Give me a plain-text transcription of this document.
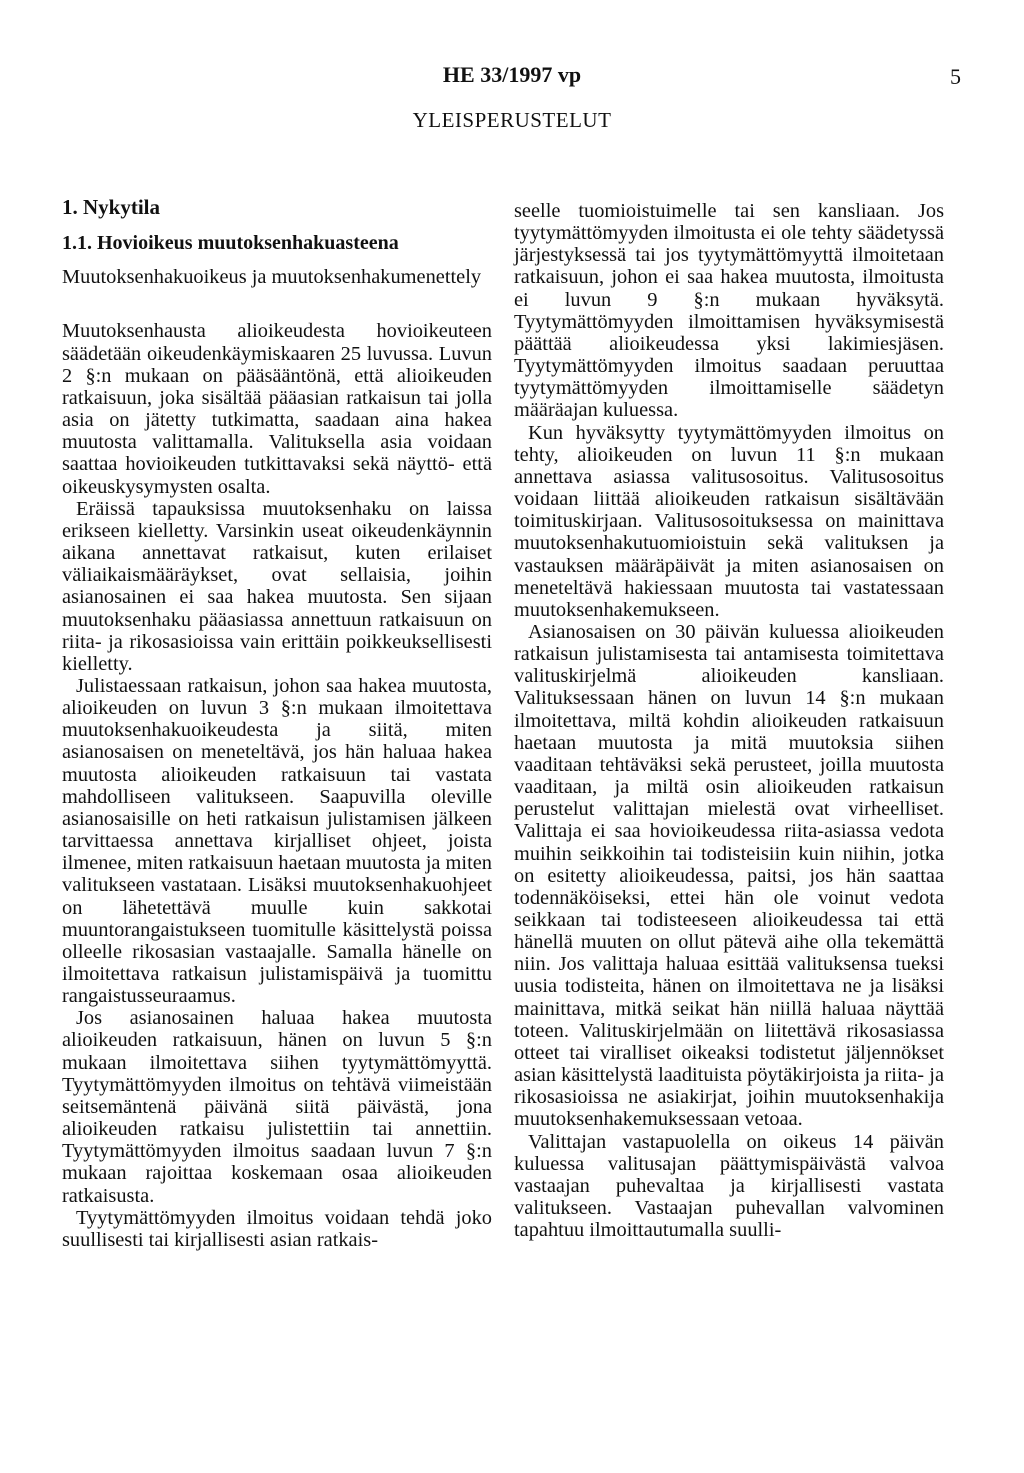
HE 33/1997 vp	5
YLEISPERUSTELUT
1. Nykytila
1.1. Hovioikeus muutoksenhakuasteena
Muutoksenhakuoikeus ja muutoksenhakumenettely

Muutoksenhausta alioikeudesta hovioikeuteen säädetään oikeudenkäymiskaaren 25 luvussa. Luvun 2 §:n mukaan on pääsääntönä, että alioikeuden ratkaisuun, joka sisältää pääasian ratkaisun tai jolla asia on jätetty tutkimatta, saadaan aina hakea muutosta valittamalla. Valituksella asia voidaan saattaa hovioikeuden tutkittavaksi sekä näyttö- että oikeuskysymysten osalta.

Eräissä tapauksissa muutoksenhaku on laissa erikseen kielletty. Varsinkin useat oikeudenkäynnin aikana annettavat ratkaisut, kuten erilaiset väliaikaismääräykset, ovat sellaisia, joihin asianosainen ei saa hakea muutosta. Sen sijaan muutoksenhaku pääasiassa annettuun ratkaisuun on riita- ja rikosasioissa vain erittäin poikkeuksellisesti kielletty.

Julistaessaan ratkaisun, johon saa hakea muutosta, alioikeuden on luvun 3 §:n mukaan ilmoitettava muutoksenhakuoikeudesta ja siitä, miten asianosaisen on meneteltävä, jos hän haluaa hakea muutosta alioikeuden ratkaisuun tai vastata mahdolliseen valitukseen. Saapuvilla oleville asianosaisille on heti ratkaisun julistamisen jälkeen tarvittaessa annettava kirjalliset ohjeet, joista ilmenee, miten ratkaisuun haetaan muutosta ja miten valitukseen vastataan. Lisäksi muutoksenhakuohjeet on lähetettävä muulle kuin sakkotai muuntorangaistukseen tuomitulle käsittelystä poissa olleelle rikosasian vastaajalle. Samalla hänelle on ilmoitettava ratkaisun julistamispäivä ja tuomittu rangaistusseuraamus.

Jos asianosainen haluaa hakea muutosta alioikeuden ratkaisuun, hänen on luvun 5 §:n mukaan ilmoitettava siihen tyytymättömyyttä. Tyytymättömyyden ilmoitus on tehtävä viimeistään seitsemäntenä päivänä siitä päivästä, jona alioikeuden ratkaisu julistettiin tai annettiin. Tyytymättömyyden ilmoitus saadaan luvun 7 §:n mukaan rajoittaa koskemaan osaa alioikeuden ratkaisusta.

Tyytymättömyyden ilmoitus voidaan tehdä joko suullisesti tai kirjallisesti asian ratkais-

seelle tuomioistuimelle tai sen kansliaan. Jos tyytymättömyyden ilmoitusta ei ole tehty säädetyssä järjestyksessä tai jos tyytymättömyyttä ilmoitetaan ratkaisuun, johon ei saa hakea muutosta, ilmoitusta ei luvun 9 §:n mukaan hyväksytä. Tyytymättömyyden ilmoittamisen hyväksymisestä päättää alioikeudessa yksi lakimiesjäsen. Tyytymättömyyden ilmoitus saadaan peruuttaa tyytymättömyyden ilmoittamiselle säädetyn määräajan kuluessa.

Kun hyväksytty tyytymättömyyden ilmoitus on tehty, alioikeuden on luvun 11 §:n mukaan annettava asiassa valitusosoitus. Valitusosoitus voidaan liittää alioikeuden ratkaisun sisältävään toimituskirjaan. Valitusosoituksessa on mainittava muutoksenhakutuomioistuin sekä valituksen ja vastauksen määräpäivät ja miten asianosaisen on meneteltävä hakiessaan muutosta tai vastatessaan muutoksenhakemukseen.

Asianosaisen on 30 päivän kuluessa alioikeuden ratkaisun julistamisesta tai antamisesta toimitettava valituskirjelmä alioikeuden kansliaan. Valituksessaan hänen on luvun 14 §:n mukaan ilmoitettava, miltä kohdin alioikeuden ratkaisuun haetaan muutosta ja mitä muutoksia siihen vaaditaan tehtäväksi sekä perusteet, joilla muutosta vaaditaan, ja miltä osin alioikeuden ratkaisun perustelut valittajan mielestä ovat virheelliset. Valittaja ei saa hovioikeudessa riita-asiassa vedota muihin seikkoihin tai todisteisiin kuin niihin, jotka on esitetty alioikeudessa, paitsi, jos hän saattaa todennäköiseksi, ettei hän ole voinut vedota seikkaan tai todisteeseen alioikeudessa tai että hänellä muuten on ollut pätevä aihe olla tekemättä niin. Jos valittaja haluaa esittää valituksensa tueksi uusia todisteita, hänen on ilmoitettava ne ja lisäksi mainittava, mitkä seikat hän niillä haluaa näyttää toteen. Valituskirjelmään on liitettävä rikosasiassa otteet tai viralliset oikeaksi todistetut jäljennökset asian käsittelystä laadituista pöytäkirjoista ja riita- ja rikosasioissa ne asiakirjat, joihin muutoksenhakija muutoksenhakemuksessaan vetoaa.

Valittajan vastapuolella on oikeus 14 päivän kuluessa valitusajan päättymispäivästä valvoa vastaajan puhevaltaa ja kirjallisesti vastata valitukseen. Vastaajan puhevallan valvominen tapahtuu ilmoittautumalla suulli-
